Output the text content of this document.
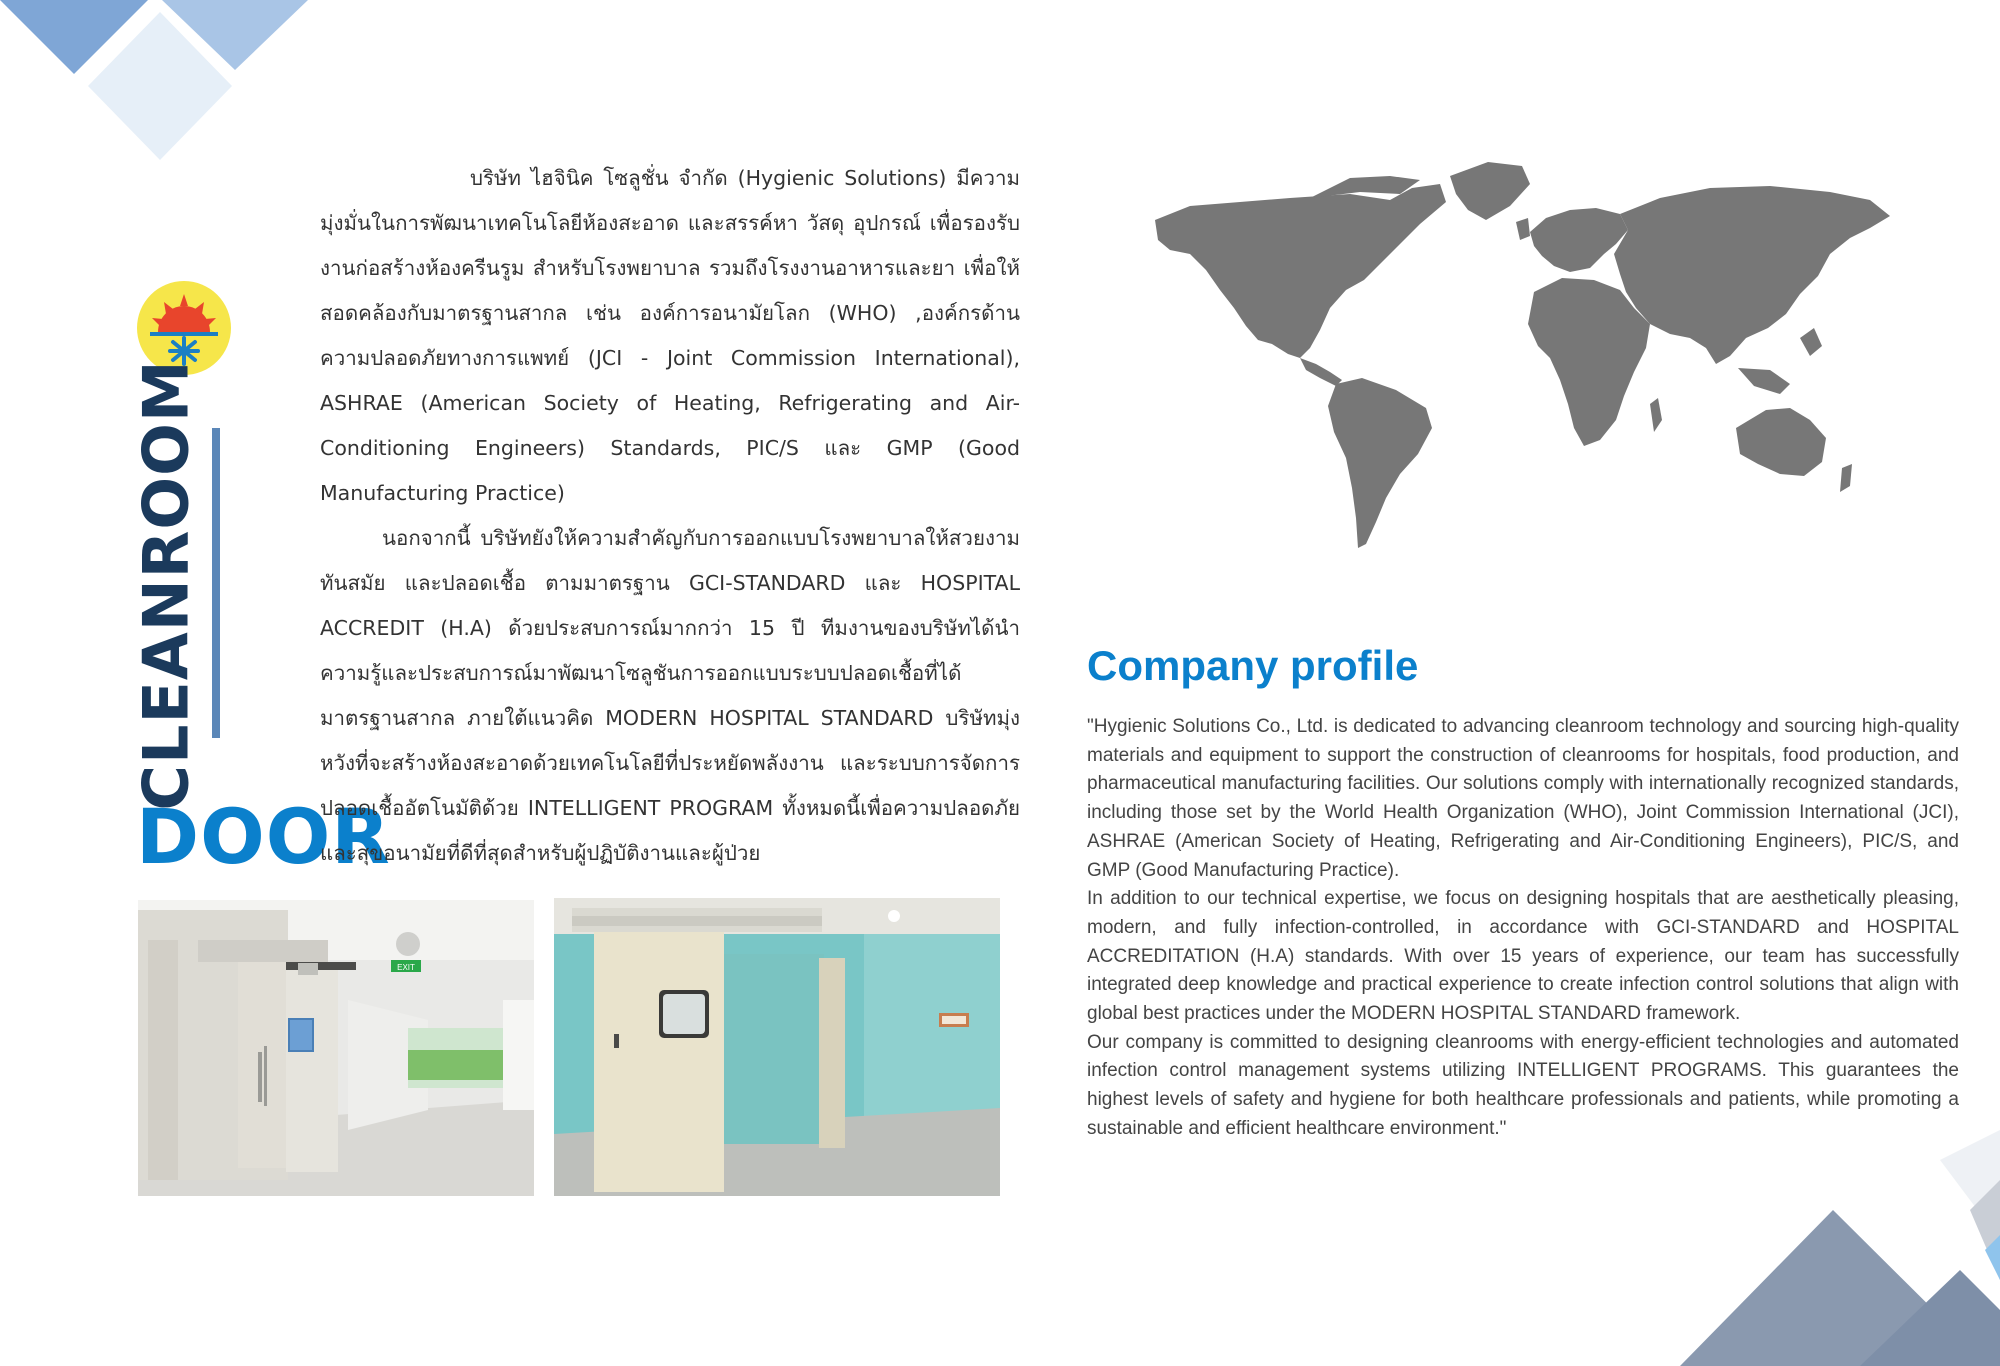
CLEANROOM
DOOR

บริษัท ไฮจินิค โซลูชั่น จำกัด (Hygienic Solutions) มีความมุ่งมั่นในการพัฒนาเทคโนโลยีห้องสะอาด และสรรค์หา วัสดุ อุปกรณ์ เพื่อรองรับงานก่อสร้างห้องครีนรูม สำหรับโรงพยาบาล รวมถึงโรงงานอาหารและยา เพื่อให้สอดคล้องกับมาตรฐานสากล เช่น องค์การอนามัยโลก (WHO) ,องค์กรด้านความปลอดภัยทางการแพทย์ (JCI - Joint Commission International), ASHRAE (American Society of Heating, Refrigerating and Air-Conditioning Engineers) Standards, PIC/S และ GMP (Good Manufacturing Practice)

นอกจากนี้ บริษัทยังให้ความสำคัญกับการออกแบบโรงพยาบาลให้สวยงาม ทันสมัย และปลอดเชื้อ ตามมาตรฐาน GCI-STANDARD และ HOSPITAL ACCREDIT (H.A) ด้วยประสบการณ์มากกว่า 15 ปี ทีมงานของบริษัทได้นำความรู้และประสบการณ์มาพัฒนาโซลูชันการออกแบบระบบปลอดเชื้อที่ได้มาตรฐานสากล ภายใต้แนวคิด MODERN HOSPITAL STANDARD บริษัทมุ่งหวังที่จะสร้างห้องสะอาดด้วยเทคโนโลยีที่ประหยัดพลังงาน และระบบการจัดการปลอดเชื้ออัตโนมัติด้วย INTELLIGENT PROGRAM ทั้งหมดนี้เพื่อความปลอดภัยและสุขอนามัยที่ดีที่สุดสำหรับผู้ปฏิบัติงานและผู้ป่วย

EXIT
Company profile

"Hygienic Solutions Co., Ltd. is dedicated to advancing cleanroom technology and sourcing high-quality materials and equipment to support the construction of cleanrooms for hospitals, food production, and pharmaceutical manufacturing facilities. Our solutions comply with internationally recognized standards, including those set by the World Health Organization (WHO), Joint Commission International (JCI), ASHRAE (American Society of Heating, Refrigerating and Air-Conditioning Engineers), PIC/S, and GMP (Good Manufacturing Practice).

In addition to our technical expertise, we focus on designing hospitals that are aesthetically pleasing, modern, and fully infection-controlled, in accordance with GCI-STANDARD and HOSPITAL ACCREDITATION (H.A) standards. With over 15 years of experience, our team has successfully integrated deep knowledge and practical experience to create infection control solutions that align with global best practices under the MODERN HOSPITAL STANDARD framework.

Our company is committed to designing cleanrooms with energy-efficient technologies and automated infection control management systems utilizing INTELLIGENT PROGRAMS. This guarantees the highest levels of safety and hygiene for both healthcare professionals and patients, while promoting a sustainable and efficient healthcare environment."
